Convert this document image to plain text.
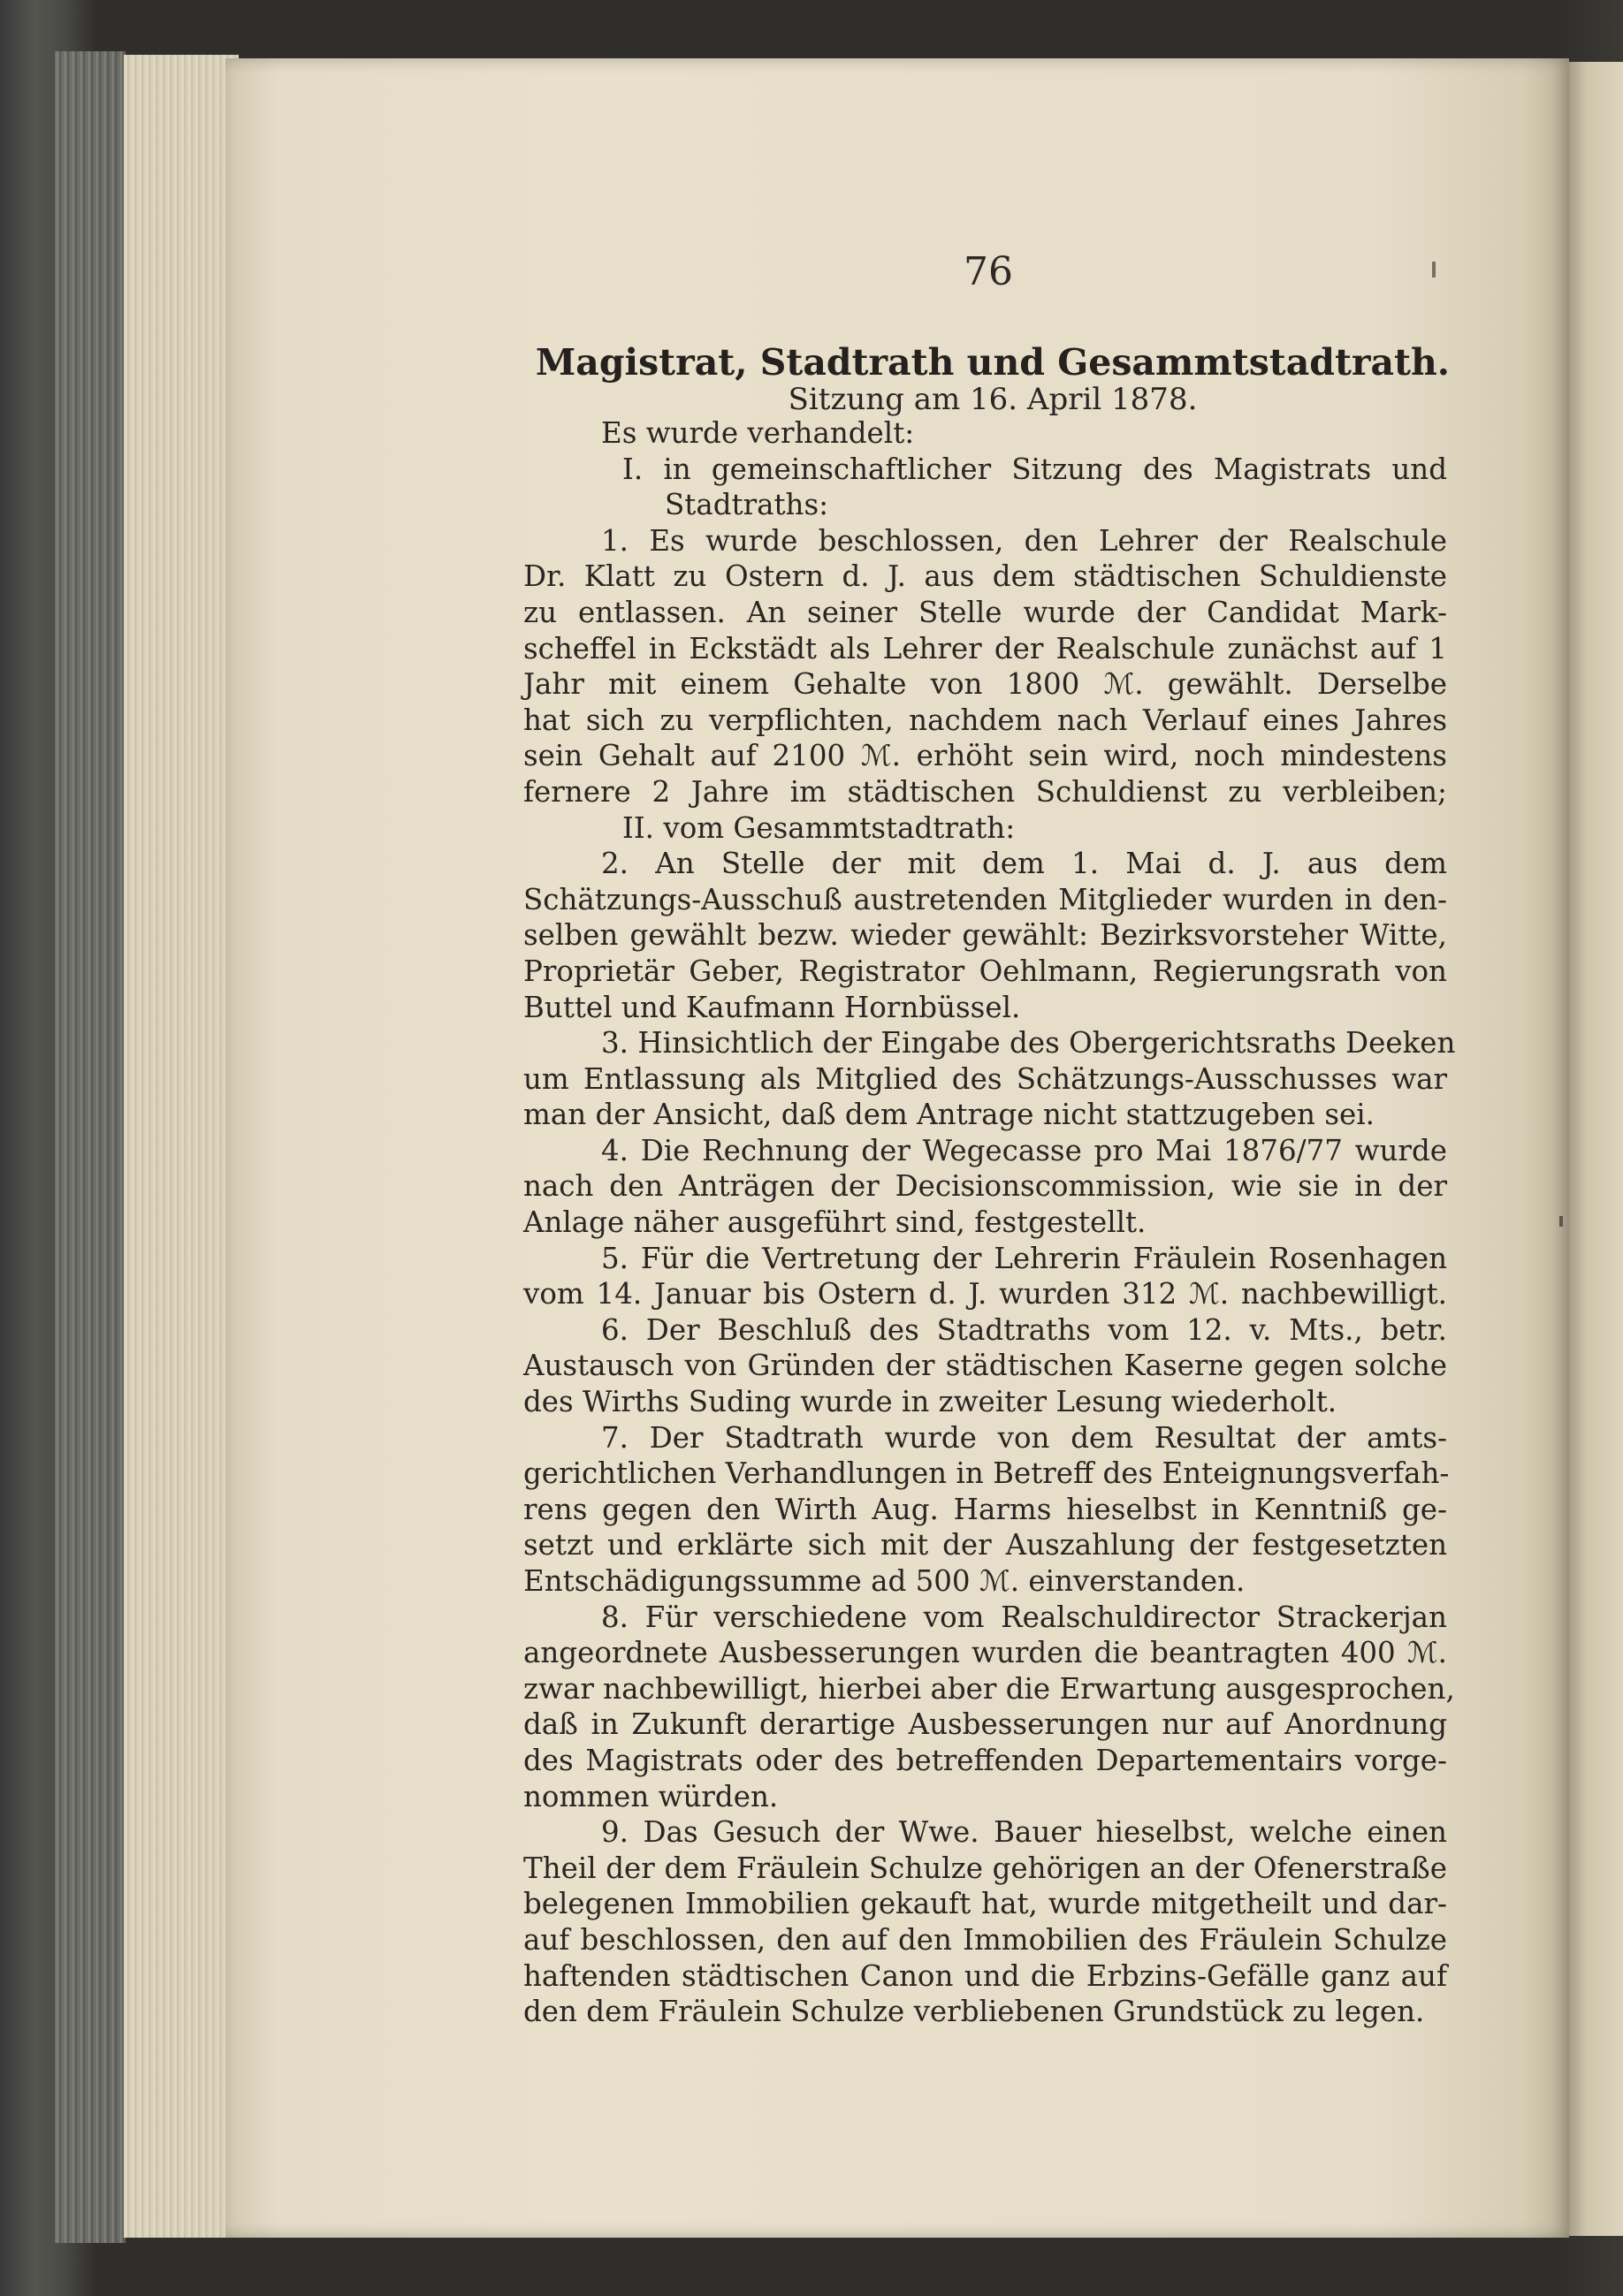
76
Magistrat, Stadtrath und Gesammtstadtrath.
Sitzung am 16. April 1878.
Es wurde verhandelt:
I. in gemeinschaftlicher Sitzung des Magistrats und
Stadtraths:
1. Es wurde beschlossen, den Lehrer der Realschule
Dr. Klatt zu Ostern d. J. aus dem städtischen Schuldienste
zu entlassen. An seiner Stelle wurde der Candidat Mark-
scheffel in Eckstädt als Lehrer der Realschule zunächst auf 1
Jahr mit einem Gehalte von 1800 ℳ. gewählt. Derselbe
hat sich zu verpflichten, nachdem nach Verlauf eines Jahres
sein Gehalt auf 2100 ℳ. erhöht sein wird, noch mindestens
fernere 2 Jahre im städtischen Schuldienst zu verbleiben;
II. vom Gesammtstadtrath:
2. An Stelle der mit dem 1. Mai d. J. aus dem
Schätzungs-Ausschuß austretenden Mitglieder wurden in den-
selben gewählt bezw. wieder gewählt: Bezirksvorsteher Witte,
Proprietär Geber, Registrator Oehlmann, Regierungsrath von
Buttel und Kaufmann Hornbüssel.
3. Hinsichtlich der Eingabe des Obergerichtsraths Deeken
um Entlassung als Mitglied des Schätzungs-Ausschusses war
man der Ansicht, daß dem Antrage nicht stattzugeben sei.
4. Die Rechnung der Wegecasse pro Mai 1876/77 wurde
nach den Anträgen der Decisionscommission, wie sie in der
Anlage näher ausgeführt sind, festgestellt.
5. Für die Vertretung der Lehrerin Fräulein Rosenhagen
vom 14. Januar bis Ostern d. J. wurden 312 ℳ. nachbewilligt.
6. Der Beschluß des Stadtraths vom 12. v. Mts., betr.
Austausch von Gründen der städtischen Kaserne gegen solche
des Wirths Suding wurde in zweiter Lesung wiederholt.
7. Der Stadtrath wurde von dem Resultat der amts-
gerichtlichen Verhandlungen in Betreff des Enteignungsverfah-
rens gegen den Wirth Aug. Harms hieselbst in Kenntniß ge-
setzt und erklärte sich mit der Auszahlung der festgesetzten
Entschädigungssumme ad 500 ℳ. einverstanden.
8. Für verschiedene vom Realschuldirector Strackerjan
angeordnete Ausbesserungen wurden die beantragten 400 ℳ.
zwar nachbewilligt, hierbei aber die Erwartung ausgesprochen,
daß in Zukunft derartige Ausbesserungen nur auf Anordnung
des Magistrats oder des betreffenden Departementairs vorge-
nommen würden.
9. Das Gesuch der Wwe. Bauer hieselbst, welche einen
Theil der dem Fräulein Schulze gehörigen an der Ofenerstraße
belegenen Immobilien gekauft hat, wurde mitgetheilt und dar-
auf beschlossen, den auf den Immobilien des Fräulein Schulze
haftenden städtischen Canon und die Erbzins-Gefälle ganz auf
den dem Fräulein Schulze verbliebenen Grundstück zu legen.
